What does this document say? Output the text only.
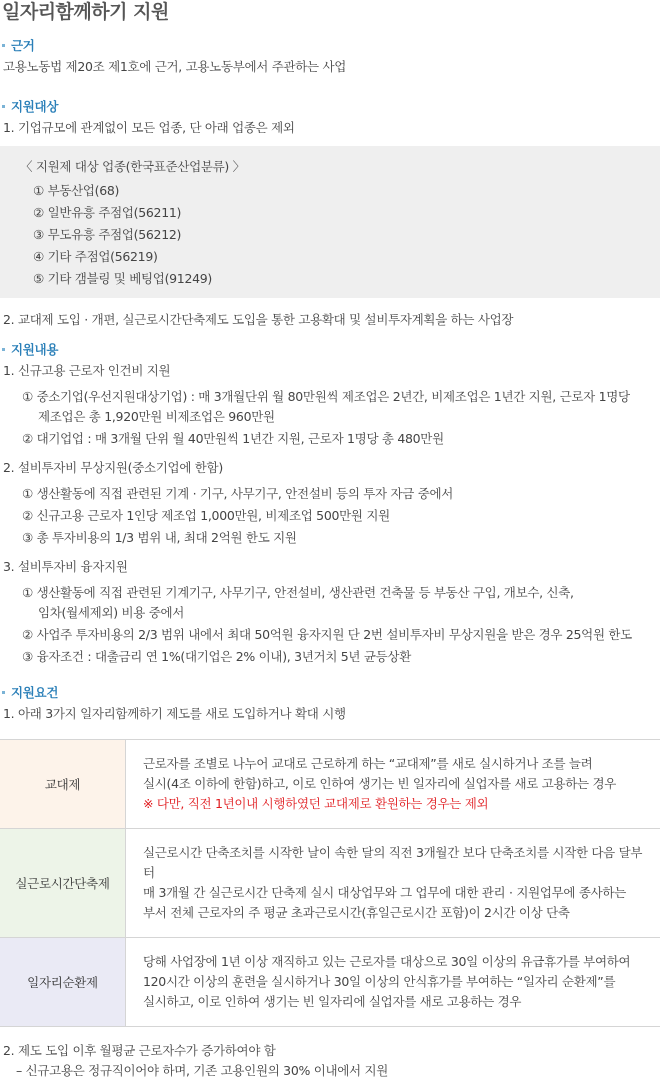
일자리함께하기 지원
근거
고용노동법 제20조 제1호에 근거, 고용노동부에서 주관하는 사업
지원대상
1. 기업규모에 관계없이 모든 업종, 단 아래 업종은 제외
〈 지원제 대상 업종(한국표준산업분류) 〉
① 부동산업(68)
② 일반유흥 주점업(56211)
③ 무도유흥 주점업(56212)
④ 기타 주점업(56219)
⑤ 기타 갬블링 및 베팅업(91249)
2. 교대제 도입 · 개편, 실근로시간단축제도 도입을 통한 고용확대 및 설비투자계획을 하는 사업장
지원내용
1. 신규고용 근로자 인건비 지원
① 중소기업(우선지원대상기업) : 매 3개월단위 월 80만원씩 제조업은 2년간, 비제조업은 1년간 지원, 근로자 1명당
제조업은 총 1,920만원 비제조업은 960만원
② 대기업업 : 매 3개월 단위 월 40만원씩 1년간 지원, 근로자 1명당 총 480만원
2. 설비투자비 무상지원(중소기업에 한함)
① 생산활동에 직접 관련된 기계 · 기구, 사무기구, 안전설비 등의 투자 자금 중에서
② 신규고용 근로자 1인당 제조업 1,000만원, 비제조업 500만원 지원
③ 총 투자비용의 1/3 범위 내, 최대 2억원 한도 지원
3. 설비투자비 융자지원
① 생산활동에 직접 관련된 기계기구, 사무기구, 안전설비, 생산관련 건축물 등 부동산 구입, 개보수, 신축,
임차(월세제외) 비용 중에서
② 사업주 투자비용의 2/3 범위 내에서 최대 50억원 융자지원 단 2번 설비투자비 무상지원을 받은 경우 25억원 한도
③ 융자조건 : 대출금리 연 1%(대기업은 2% 이내), 3년거치 5년 균등상환
지원요건
1. 아래 3가지 일자리함께하기 제도를 새로 도입하거나 확대 시행
교대제	근로자를 조별로 나누어 교대로 근로하게 하는 “교대제”를 새로 실시하거나 조를 늘려
실시(4조 이하에 한함)하고, 이로 인하여 생기는 빈 일자리에 실업자를 새로 고용하는 경우
※ 다만, 직전 1년이내 시행하였던 교대제로 환원하는 경우는 제외

실근로시간단축제	실근로시간 단축조치를 시작한 날이 속한 달의 직전 3개월간 보다 단축조치를 시작한 다음 달부터
매 3개월 간 실근로시간 단축제 실시 대상업무와 그 업무에 대한 관리 · 지원업무에 종사하는
부서 전체 근로자의 주 평균 초과근로시간(휴일근로시간 포함)이 2시간 이상 단축

일자리순환제	당해 사업장에 1년 이상 재직하고 있는 근로자를 대상으로 30일 이상의 유급휴가를 부여하여
120시간 이상의 훈련을 실시하거나 30일 이상의 안식휴가를 부여하는 “일자리 순환제”를
실시하고, 이로 인하여 생기는 빈 일자리에 실업자를 새로 고용하는 경우
2. 제도 도입 이후 월평균 근로자수가 증가하여야 함
– 신규고용은 정규직이어야 하며, 기존 고용인원의 30% 이내에서 지원
